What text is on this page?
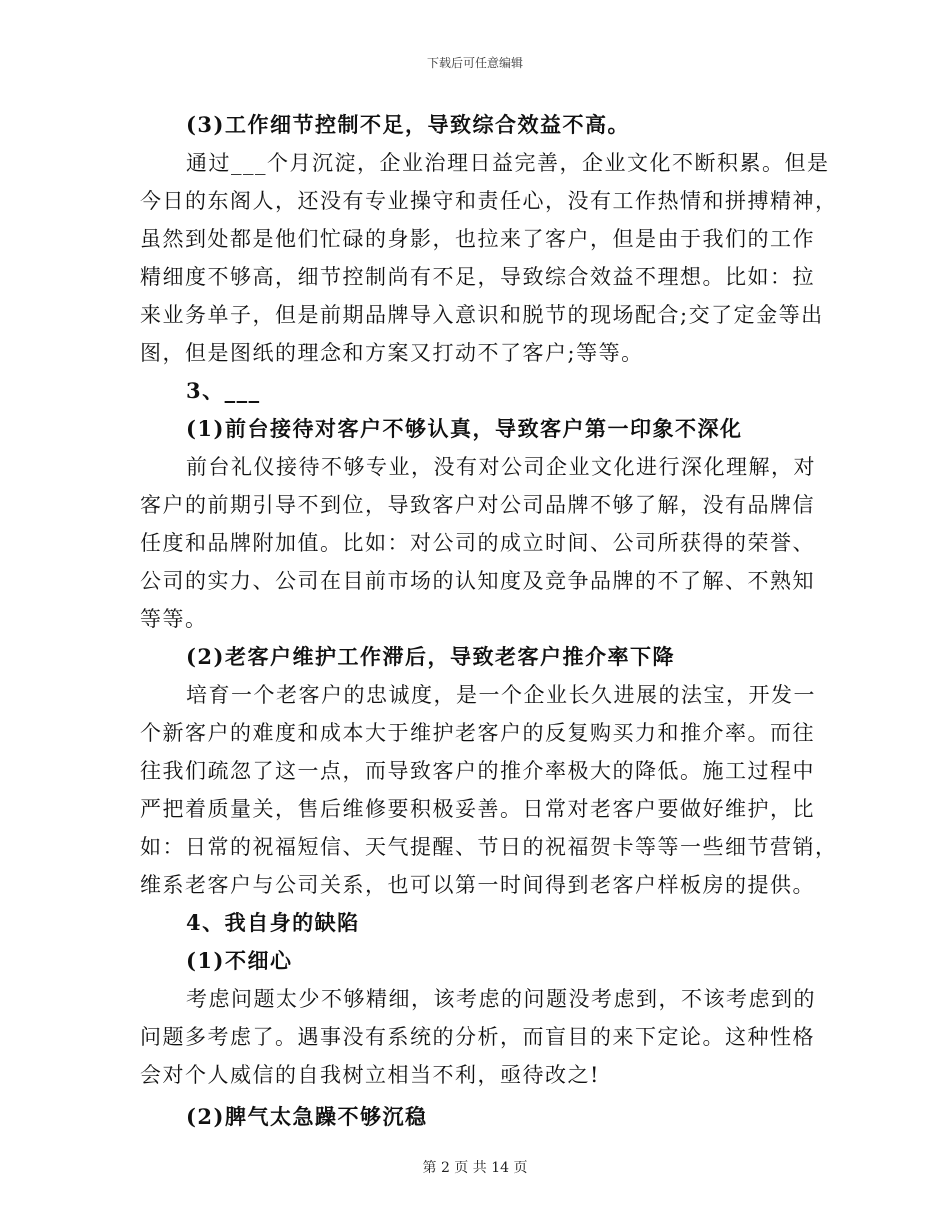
下载后可任意编辑
(3)工作细节控制不足，导致综合效益不高。
通过___个月沉淀，企业治理日益完善，企业文化不断积累。但是
今日的东阁人，还没有专业操守和责任心，没有工作热情和拼搏精神，
虽然到处都是他们忙碌的身影，也拉来了客户，但是由于我们的工作
精细度不够高，细节控制尚有不足，导致综合效益不理想。比如：拉
来业务单子，但是前期品牌导入意识和脱节的现场配合;交了定金等出
图，但是图纸的理念和方案又打动不了客户;等等。
3、___
(1)前台接待对客户不够认真，导致客户第一印象不深化
前台礼仪接待不够专业，没有对公司企业文化进行深化理解，对
客户的前期引导不到位，导致客户对公司品牌不够了解，没有品牌信
任度和品牌附加值。比如：对公司的成立时间、公司所获得的荣誉、
公司的实力、公司在目前市场的认知度及竞争品牌的不了解、不熟知
等等。
(2)老客户维护工作滞后，导致老客户推介率下降
培育一个老客户的忠诚度，是一个企业长久进展的法宝，开发一
个新客户的难度和成本大于维护老客户的反复购买力和推介率。而往
往我们疏忽了这一点，而导致客户的推介率极大的降低。施工过程中
严把着质量关，售后维修要积极妥善。日常对老客户要做好维护，比
如：日常的祝福短信、天气提醒、节日的祝福贺卡等等一些细节营销，
维系老客户与公司关系，也可以第一时间得到老客户样板房的提供。
4、我自身的缺陷
(1)不细心
考虑问题太少不够精细，该考虑的问题没考虑到，不该考虑到的
问题多考虑了。遇事没有系统的分析，而盲目的来下定论。这种性格
会对个人威信的自我树立相当不利，亟待改之!
(2)脾气太急躁不够沉稳
第 2 页 共 14 页
